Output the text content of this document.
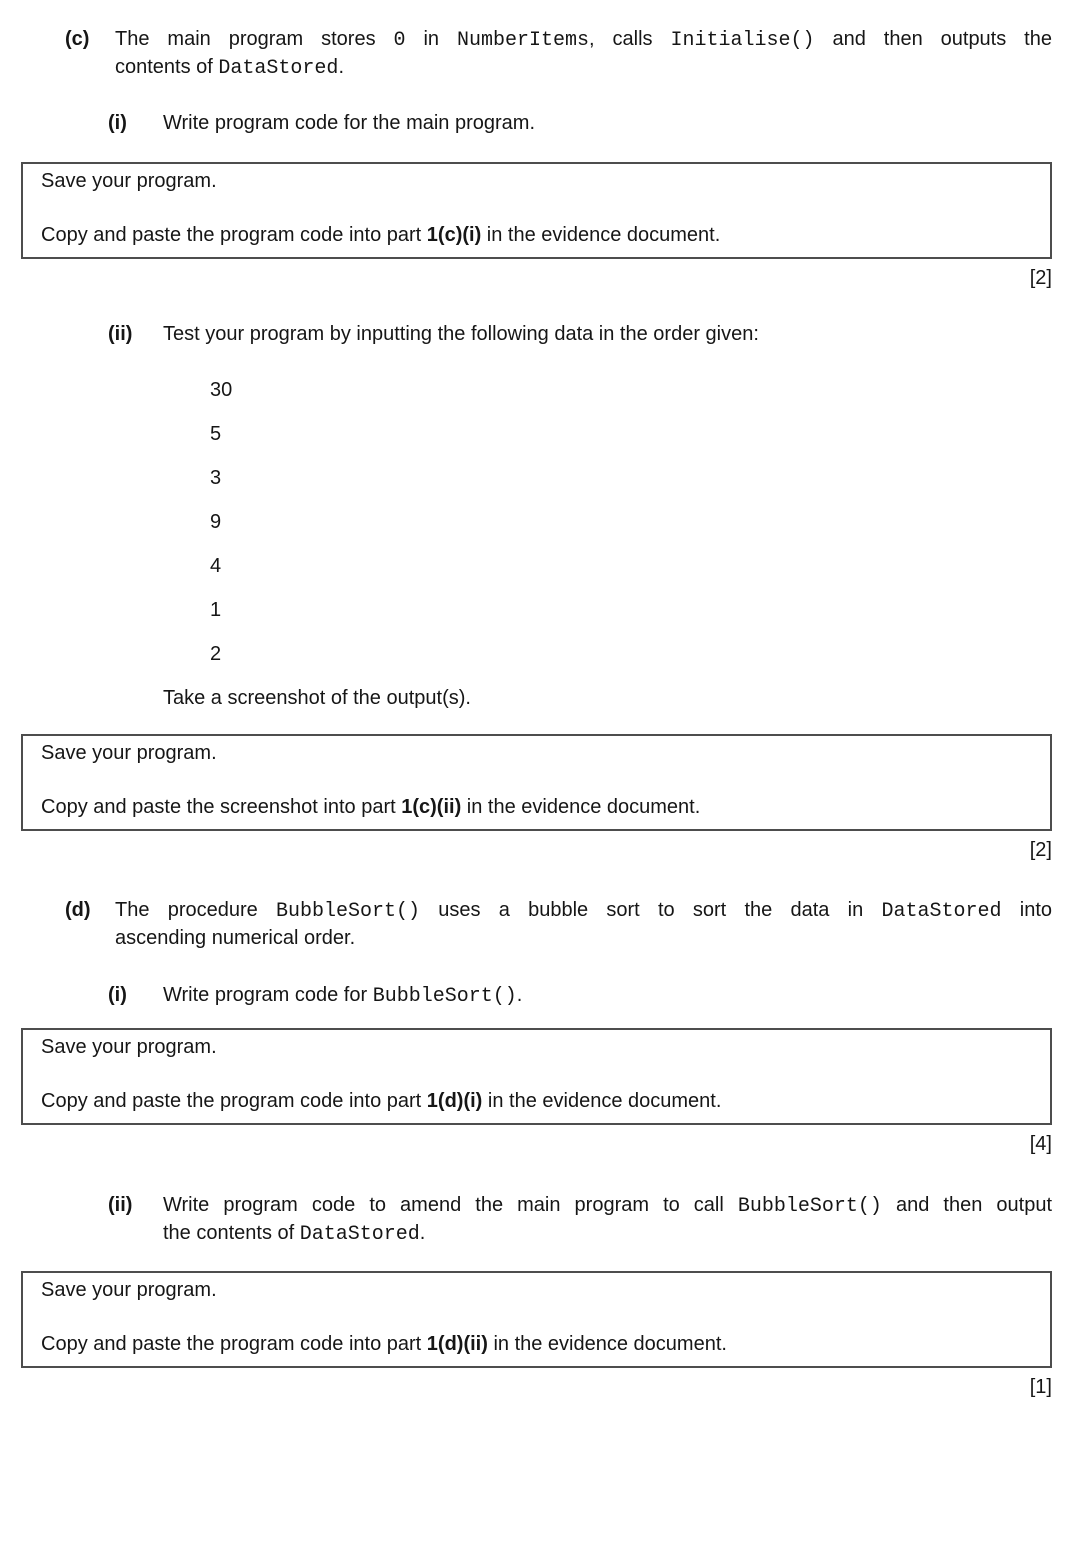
(c)	The main program stores 0 in NumberItems, calls Initialise() and then outputs the
contents of DataStored.
(i)	Write program code for the main program.
Save your program.
Copy and paste the program code into part 1(c)(i) in the evidence document.
[2]
(ii)	Test your program by inputting the following data in the order given:
30
5
3
9
4
1
2
Take a screenshot of the output(s).
Save your program.
Copy and paste the screenshot into part 1(c)(ii) in the evidence document.
[2]
(d)	The procedure BubbleSort() uses a bubble sort to sort the data in DataStored into
ascending numerical order.
(i)	Write program code for BubbleSort().
Save your program.
Copy and paste the program code into part 1(d)(i) in the evidence document.
[4]
(ii)	Write program code to amend the main program to call BubbleSort() and then output
the contents of DataStored.
Save your program.
Copy and paste the program code into part 1(d)(ii) in the evidence document.
[1]
